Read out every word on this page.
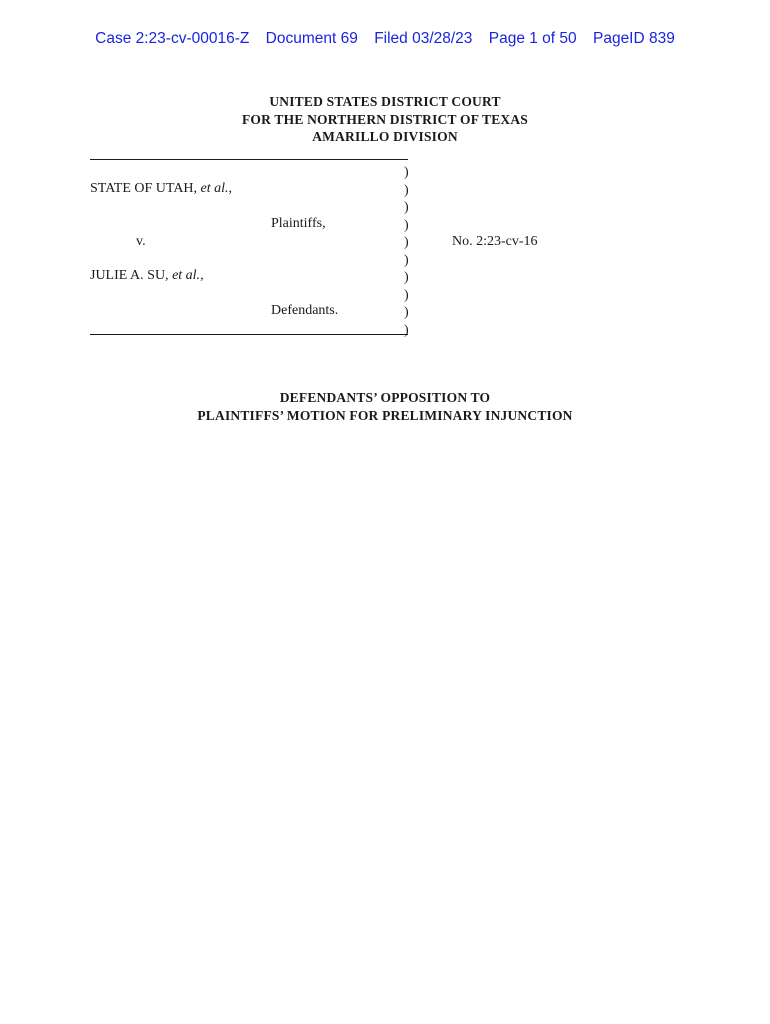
Case 2:23-cv-00016-Z Document 69 Filed 03/28/23 Page 1 of 50 PageID 839
UNITED STATES DISTRICT COURT
FOR THE NORTHERN DISTRICT OF TEXAS
AMARILLO DIVISION
STATE OF UTAH, et al.,
Plaintiffs,
v.
JULIE A. SU, et al.,
Defendants.
No. 2:23-cv-16
)
)
)
)
)
)
)
)
)
)
DEFENDANTS’ OPPOSITION TO
PLAINTIFFS’ MOTION FOR PRELIMINARY INJUNCTION
